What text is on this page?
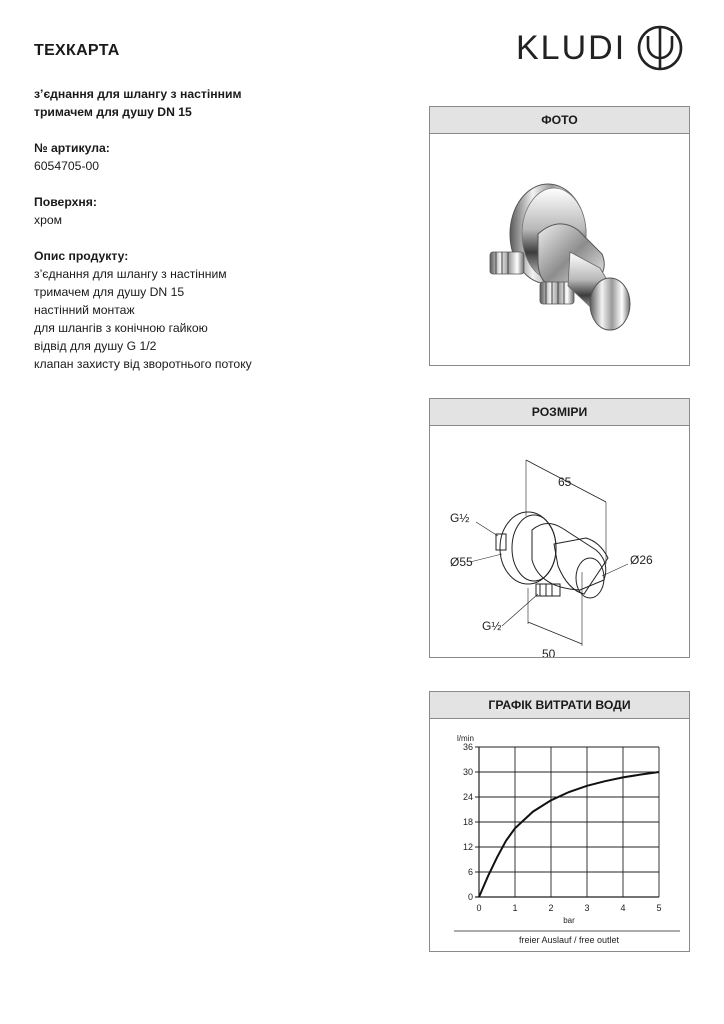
ТЕХКАРТА	KLUDI
з’єднання для шлангу з настінним
тримачем для душу DN 15
№ артикула:
6054705-00
Поверхня:
хром
Опис продукту:
з’єднання для шлангу з настінним
тримачем для душу DN 15
настінний монтаж
для шлангів з конічною гайкою
відвід для душу G 1/2
клапан захисту від зворотнього потоку
ФОТО
РОЗМІРИ
65
50
G½
G½
Ø55	Ø26
ГРАФІК ВИТРАТИ ВОДИ
0	1	2	3	4	5
0
6
12
18
24
30
36
l/min
bar
freier Auslauf / free outlet
